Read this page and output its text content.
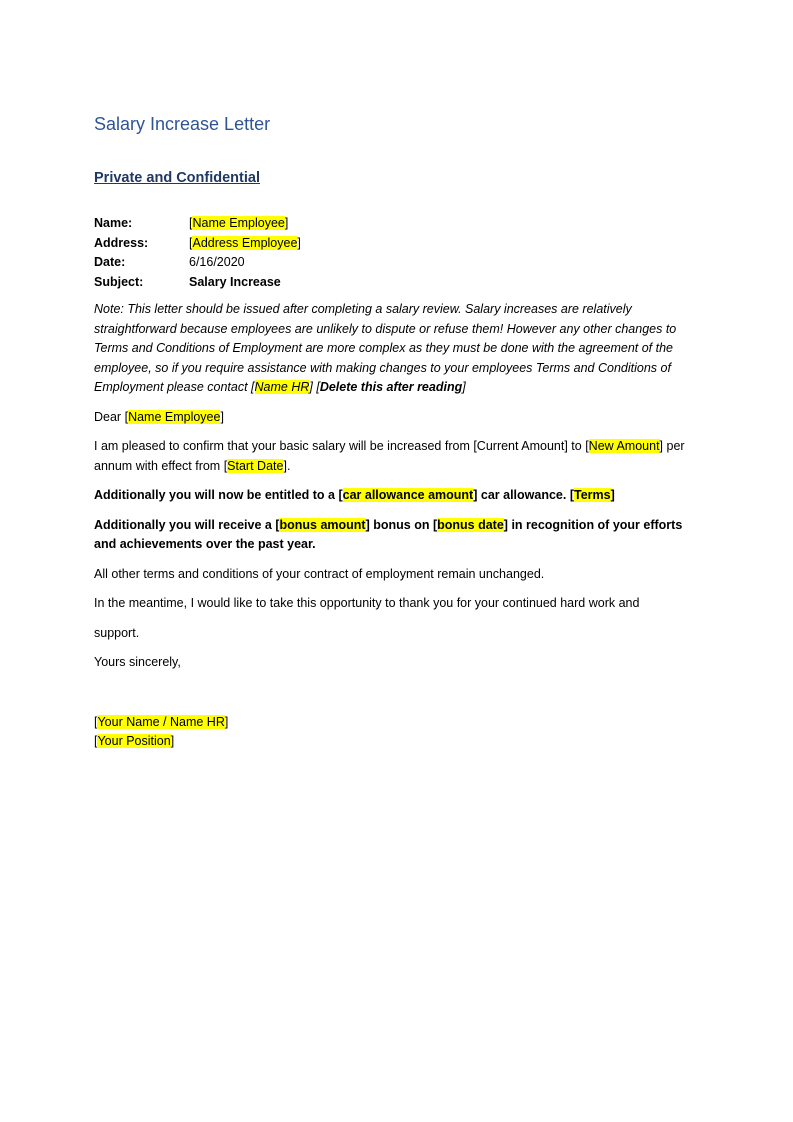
Salary Increase Letter
Private and Confidential
Name:	[Name Employee]
Address:	[Address Employee]
Date:	6/16/2020
Subject:	Salary Increase

Note: This letter should be issued after completing a salary review. Salary increases are relatively straightforward because employees are unlikely to dispute or refuse them! However any other changes to Terms and Conditions of Employment are more complex as they must be done with the agreement of the employee, so if you require assistance with making changes to your employees Terms and Conditions of Employment please contact [Name HR] [Delete this after reading]

Dear [Name Employee]

I am pleased to confirm that your basic salary will be increased from [Current Amount] to [New Amount] per annum with effect from [Start Date].

Additionally you will now be entitled to a [car allowance amount] car allowance. [Terms]

Additionally you will receive a [bonus amount] bonus on [bonus date] in recognition of your efforts and achievements over the past year.

All other terms and conditions of your contract of employment remain unchanged.

In the meantime, I would like to take this opportunity to thank you for your continued hard work and

support.

Yours sincerely,

[Your Name / Name HR]

[Your Position]
